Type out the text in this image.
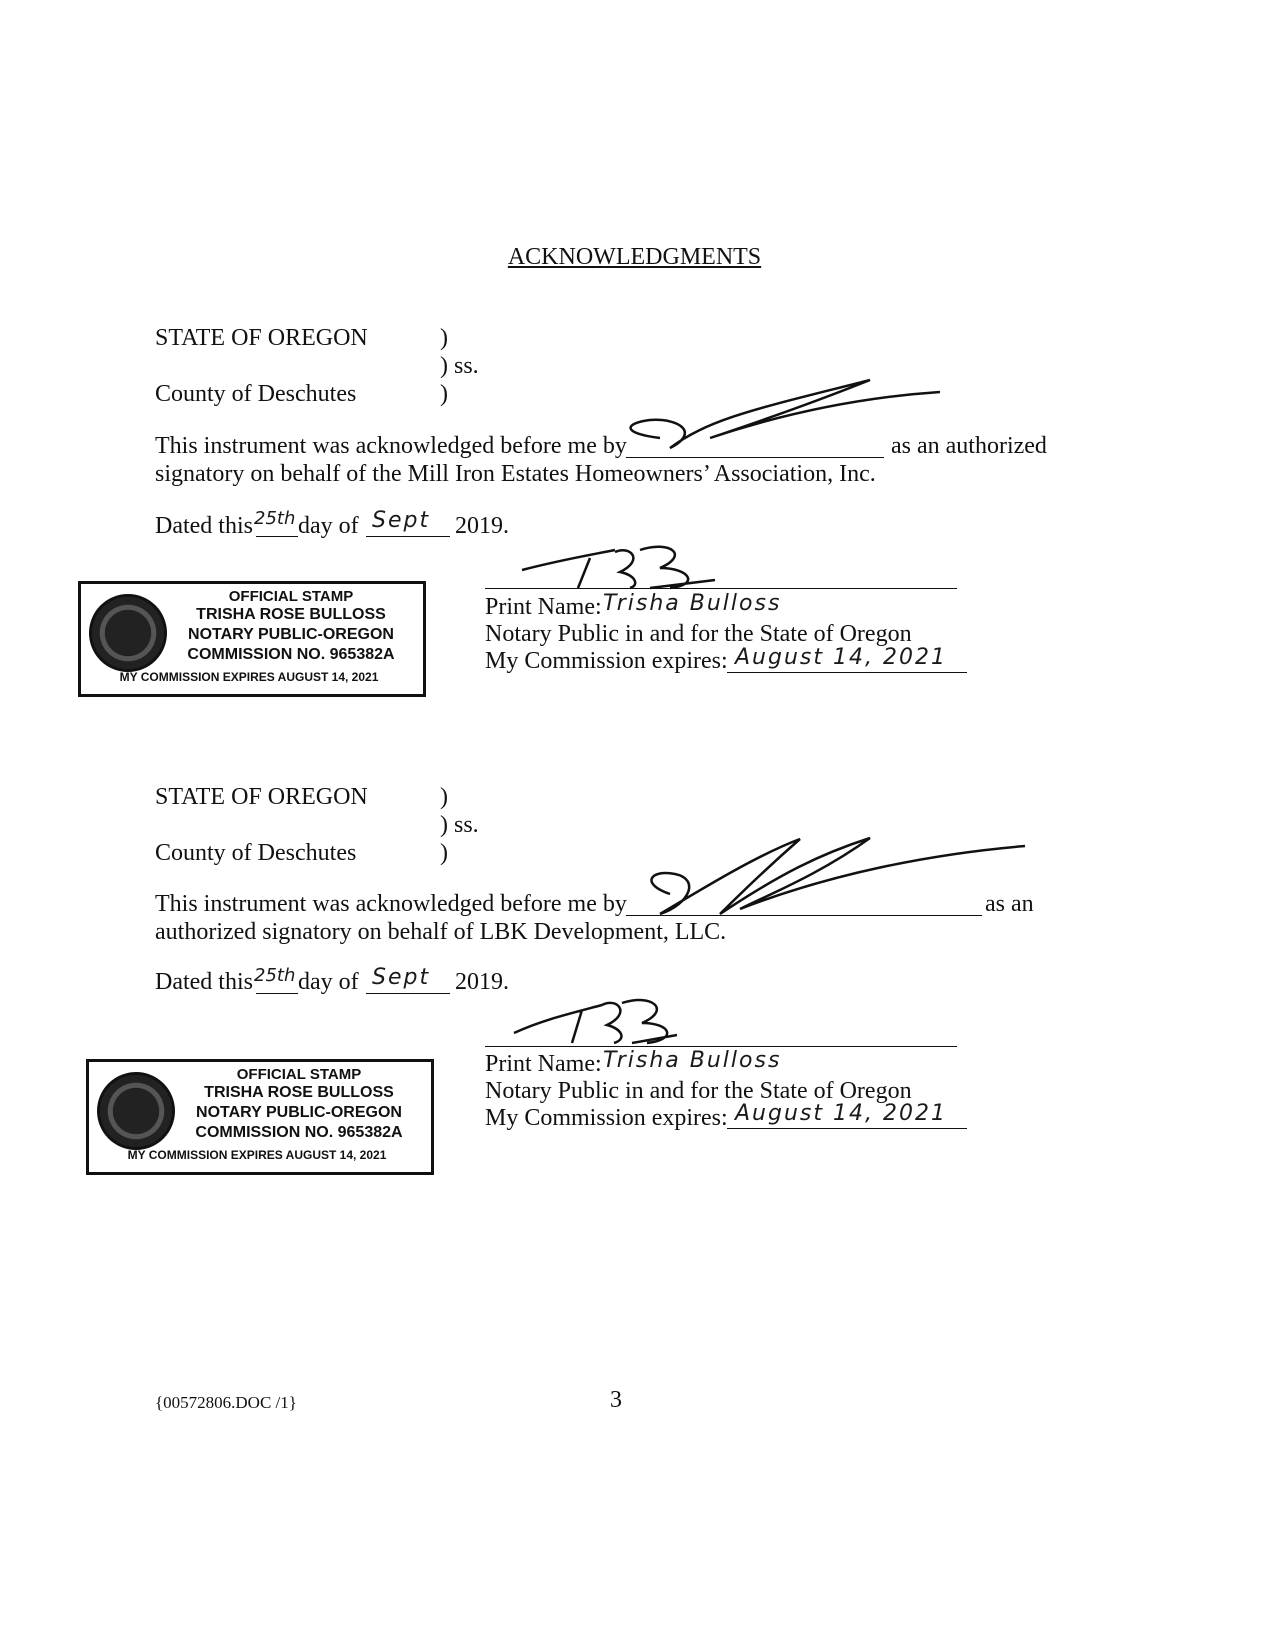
ACKNOWLEDGMENTS
STATE OF OREGON	)
) ss.
County of Deschutes	)
This instrument was acknowledged before me by	as an authorized
signatory on behalf of the Mill Iron Estates Homeowners’ Association, Inc.
Dated this 25th day of Sept 2019.
Print Name: Trisha Bulloss
Notary Public in and for the State of Oregon
My Commission expires: August 14, 2021
OFFICIAL STAMP
TRISHA ROSE BULLOSS
NOTARY PUBLIC-OREGON
COMMISSION NO. 965382A
MY COMMISSION EXPIRES AUGUST 14, 2021
STATE OF OREGON	)
) ss.
County of Deschutes	)
This instrument was acknowledged before me by	as an
authorized signatory on behalf of LBK Development, LLC.
Dated this 25th day of Sept 2019.
Print Name: Trisha Bulloss
Notary Public in and for the State of Oregon
My Commission expires: August 14, 2021
OFFICIAL STAMP
TRISHA ROSE BULLOSS
NOTARY PUBLIC-OREGON
COMMISSION NO. 965382A
MY COMMISSION EXPIRES AUGUST 14, 2021
{00572806.DOC /1}	3
